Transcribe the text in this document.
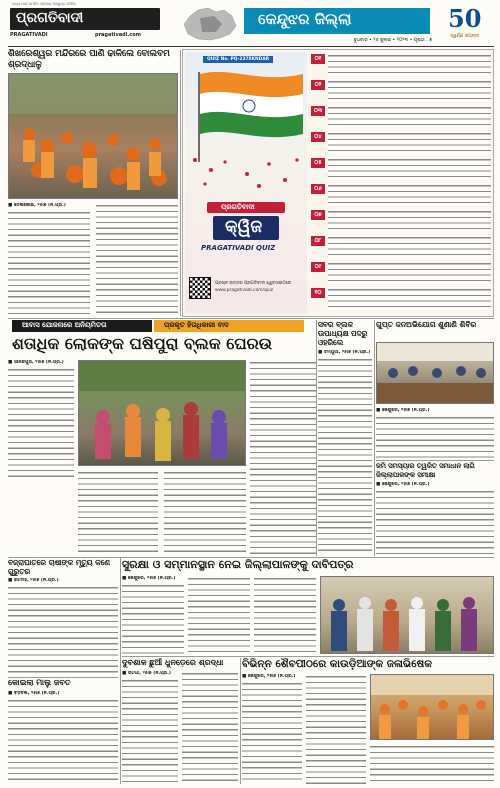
ସତ୍ୟ ପାଇଁ ସମର୍ପିତ ଓଡ଼ିଶାର ବିଶ୍ୱସ୍ତ ଦୈନିକ
ପ୍ରଗତିବାଦୀ
PRAGATIVADI	pragativadi.com
କେନ୍ଦୁଝର ଜିଲ୍ଲା
ବୁଧବାର • ୨୬ ଜୁଲାଇ • ୨୦୨୩ • ପୃଷ୍ଠା : ୭
50
ସ୍ୱର୍ଣ୍ଣ ଜୟନ୍ତୀ
ଶିଖରେଶ୍ୱର ମନ୍ଦିରରେ ପାଣି ଢାଳିଲେ ବୋଲବମ ଶ୍ରଦ୍ଧାଳୁ
■ ତେଲକୋଇ, ୨୫ା୭ (ନି.ପ୍ର.)
QUIZ No. PQ-2378KNDAR
ପ୍ରଗତିବାଦୀ
କ୍ୱିଜ
PRAGATIVADI QUIZ
ପ୍ରଶ୍ନ ଉତ୍ତର ପ୍ରଗତିବାଦୀ ୱେବସାଇଟରେ
www.pragativadi.com/quiz
୦୧
୦୨
୦୩
୦୪
୦୫
୦୬
୦୭
୦୮
୦୯
୧୦
ଆବାସ ଯୋଜନାରେ ଅନିୟମିତତା	ପ୍ରକୃତ ହିତାଧିକାରୀ ବାଦ
ଶତାଧିକ ଲୋକଙ୍କ ଘଷିପୁରା ବ୍ଲକ ଘେରଉ
■ ଆନନ୍ଦପୁର, ୨୫ା୭ (ନି.ପ୍ର.)
ସବର ବ୍ଲକ ଉପାଧ୍ୟକ୍ଷ ପଦରୁ ଓହରିଲେ
■ ଚମ୍ପୁଆ, ୨୫ା୭ (ନି.ପ୍ର.)
ଗୁପ୍ତ ଜନଅଭିଯୋଗ ଶୁଣାଣି ଶିବିର
■ କେନ୍ଦୁଝର, ୨୫ା୭ (ନି.ପ୍ର.)
ଜମି ସମସ୍ୟାର ତ୍ୱରିତ ସମାଧାନ ଲାଗି ଜିଲ୍ଲାପାଳଙ୍କ ସମୀକ୍ଷା
■ କେନ୍ଦୁଝର, ୨୫ା୭ (ନି.ପ୍ର.)
ବଜ୍ରାଘାତରେ ଚାଷୀଙ୍କ ମୃତ୍ୟୁ କଣେ ଗୁରୁତର
■ ହାଟଡିହି, ୨୫ା୭ (ନି.ପ୍ର.)
ସୁରକ୍ଷା ଓ ସମ୍ମାନସ୍ଥାନ ନେଇ ଜିଲ୍ଲାପାଳଙ୍କୁ ଦାବିପତ୍ର
■ କେନ୍ଦୁଝର, ୨୫ା୭ (ନି.ପ୍ର.)
ଦୁବଶାଳ ଛୁଆଁ ଧୁନଡ଼େରେ ଶ୍ରଦ୍ଧା
■ ଘଟଗାଁ, ୨୫ା୭ (ନି.ପ୍ର.)
କୋଇଲା ମାଲୁ ଜବତ
■ ବଡ଼ବିଲ, ୨୫ା୭ (ନି.ପ୍ର.)
ବିଭିନ୍ନ ଶୈବପୀଠରେ କାଉଡ଼ିଆଙ୍କ ଜଳାଭିଷେକ
■ କେନ୍ଦୁଝର, ୨୫ା୭ (ନି.ପ୍ର.)
